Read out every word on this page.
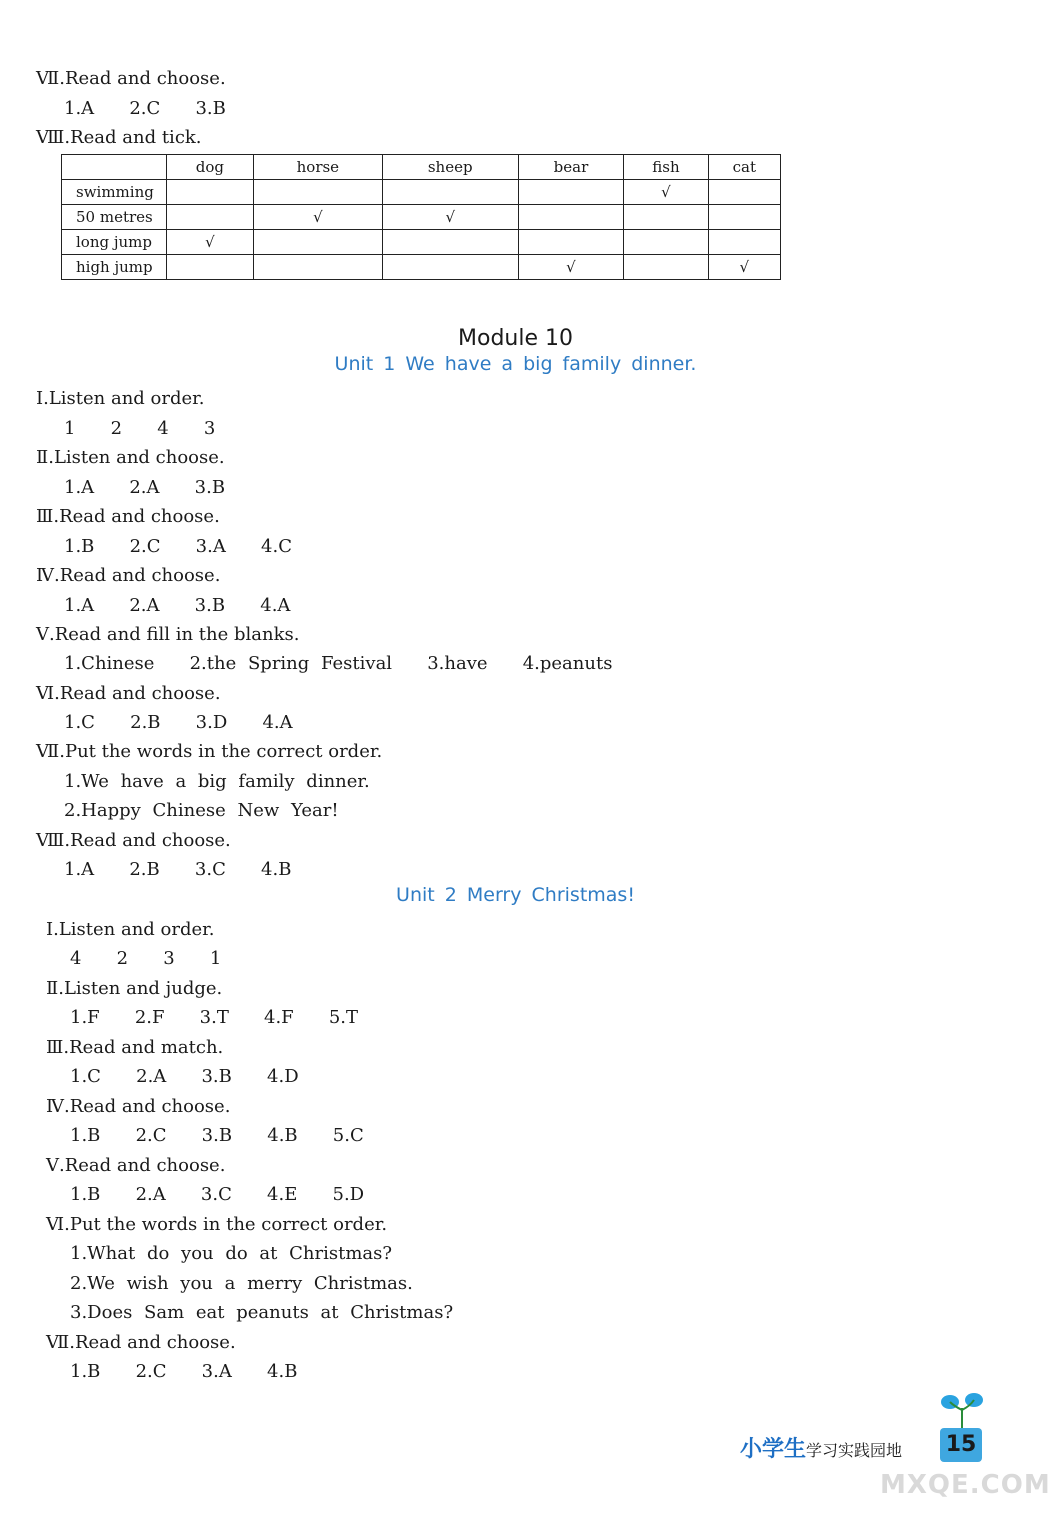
Ⅶ.Read and choose.
1.A   2.C   3.B
Ⅷ.Read and tick.
	dog	horse	sheep	bear	fish	cat
swimming					√	
50 metres		√	√			
long jump	√					
high jump				√		√
Module 10
Unit 1 We have a big family dinner.
Ⅰ.Listen and order.
1   2   4   3
Ⅱ.Listen and choose.
1.A   2.A   3.B
Ⅲ.Read and choose.
1.B   2.C   3.A   4.C
Ⅳ.Read and choose.
1.A   2.A   3.B   4.A
Ⅴ.Read and fill in the blanks.
1.Chinese   2.the Spring Festival   3.have   4.peanuts
Ⅵ.Read and choose.
1.C   2.B   3.D   4.A
Ⅶ.Put the words in the correct order.
1.We have a big family dinner.
2.Happy Chinese New Year!
Ⅷ.Read and choose.
1.A   2.B   3.C   4.B
Unit 2 Merry Christmas!
Ⅰ.Listen and order.
4   2   3   1
Ⅱ.Listen and judge.
1.F   2.F   3.T   4.F   5.T
Ⅲ.Read and match.
1.C   2.A   3.B   4.D
Ⅳ.Read and choose.
1.B   2.C   3.B   4.B   5.C
Ⅴ.Read and choose.
1.B   2.A   3.C   4.E   5.D
Ⅵ.Put the words in the correct order.
1.What do you do at Christmas?
2.We wish you a merry Christmas.
3.Does Sam eat peanuts at Christmas?
Ⅶ.Read and choose.
1.B   2.C   3.A   4.B
小学生学习实践园地 15
MXQE.COM
